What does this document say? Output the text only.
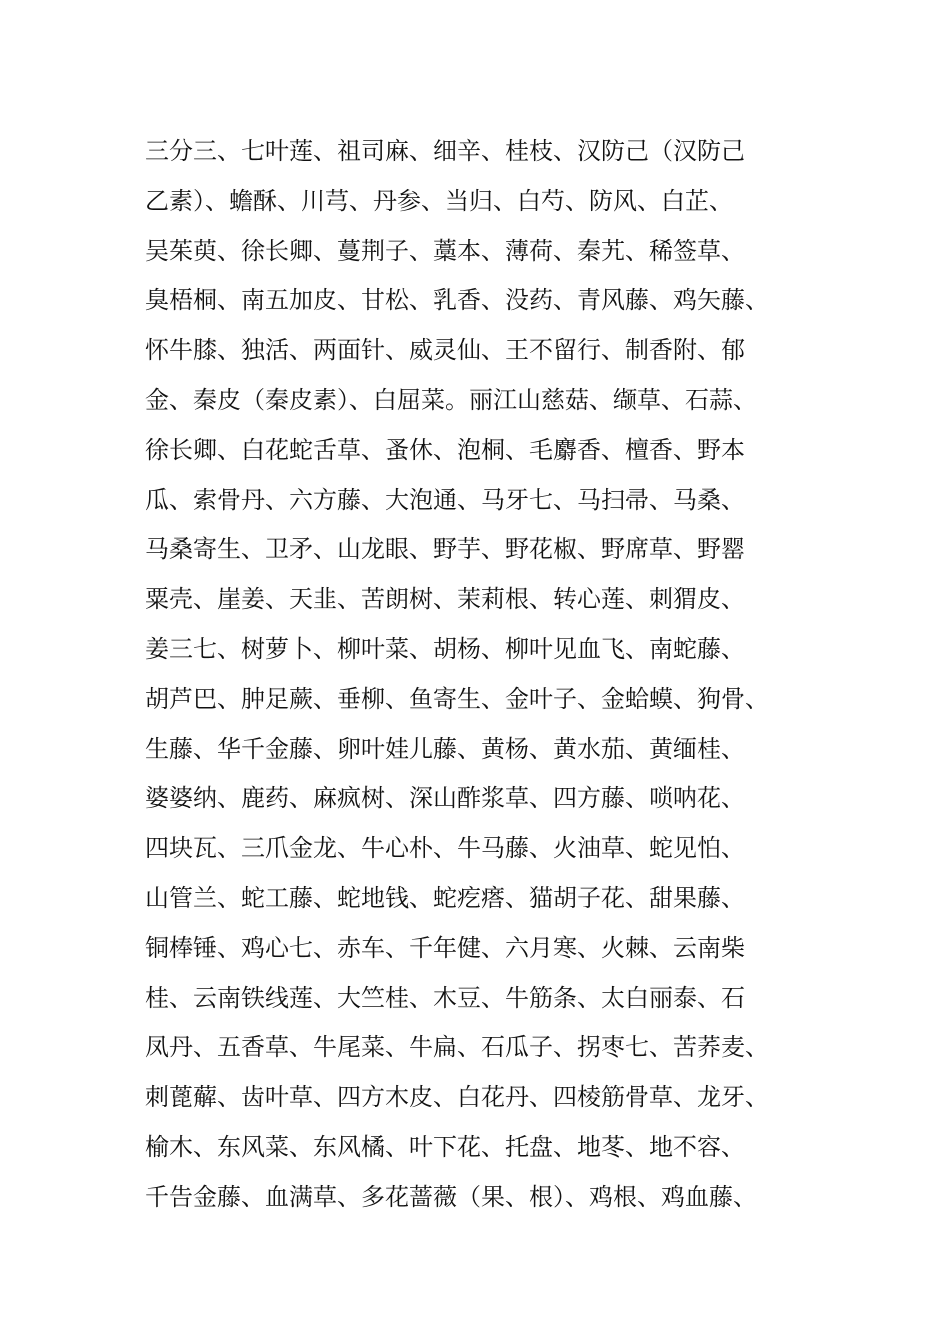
三分三、七叶莲、祖司麻、细辛、桂枝、汉防己（汉防己
乙素）、蟾酥、川芎、丹参、当归、白芍、防风、白芷、
吴茱萸、徐长卿、蔓荆子、藁本、薄荷、秦艽、稀签草、
臭梧桐、南五加皮、甘松、乳香、没药、青风藤、鸡矢藤、
怀牛膝、独活、两面针、威灵仙、王不留行、制香附、郁
金、秦皮（秦皮素）、白屈菜。丽江山慈菇、缬草、石蒜、
徐长卿、白花蛇舌草、蚤休、泡桐、毛麝香、檀香、野本
瓜、索骨丹、六方藤、大泡通、马牙七、马扫帚、马桑、
马桑寄生、卫矛、山龙眼、野芋、野花椒、野席草、野罂
粟壳、崖姜、天韭、苦朗树、茉莉根、转心莲、刺猬皮、
姜三七、树萝卜、柳叶菜、胡杨、柳叶见血飞、南蛇藤、
胡芦巴、肿足蕨、垂柳、鱼寄生、金叶子、金蛤蟆、狗骨、
生藤、华千金藤、卵叶娃儿藤、黄杨、黄水茄、黄缅桂、
婆婆纳、鹿药、麻疯树、深山酢浆草、四方藤、唢呐花、
四块瓦、三爪金龙、牛心朴、牛马藤、火油草、蛇见怕、
山管兰、蛇工藤、蛇地钱、蛇疙瘩、猫胡子花、甜果藤、
铜棒锤、鸡心七、赤车、千年健、六月寒、火棘、云南柴
桂、云南铁线莲、大竺桂、木豆、牛筋条、太白丽泰、石
凤丹、五香草、牛尾菜、牛扁、石瓜子、拐枣七、苦荞麦、
刺蓖薢、齿叶草、四方木皮、白花丹、四棱筋骨草、龙牙、
榆木、东风菜、东风橘、叶下花、托盘、地苳、地不容、
千告金藤、血满草、多花蔷薇（果、根）、鸡根、鸡血藤、
